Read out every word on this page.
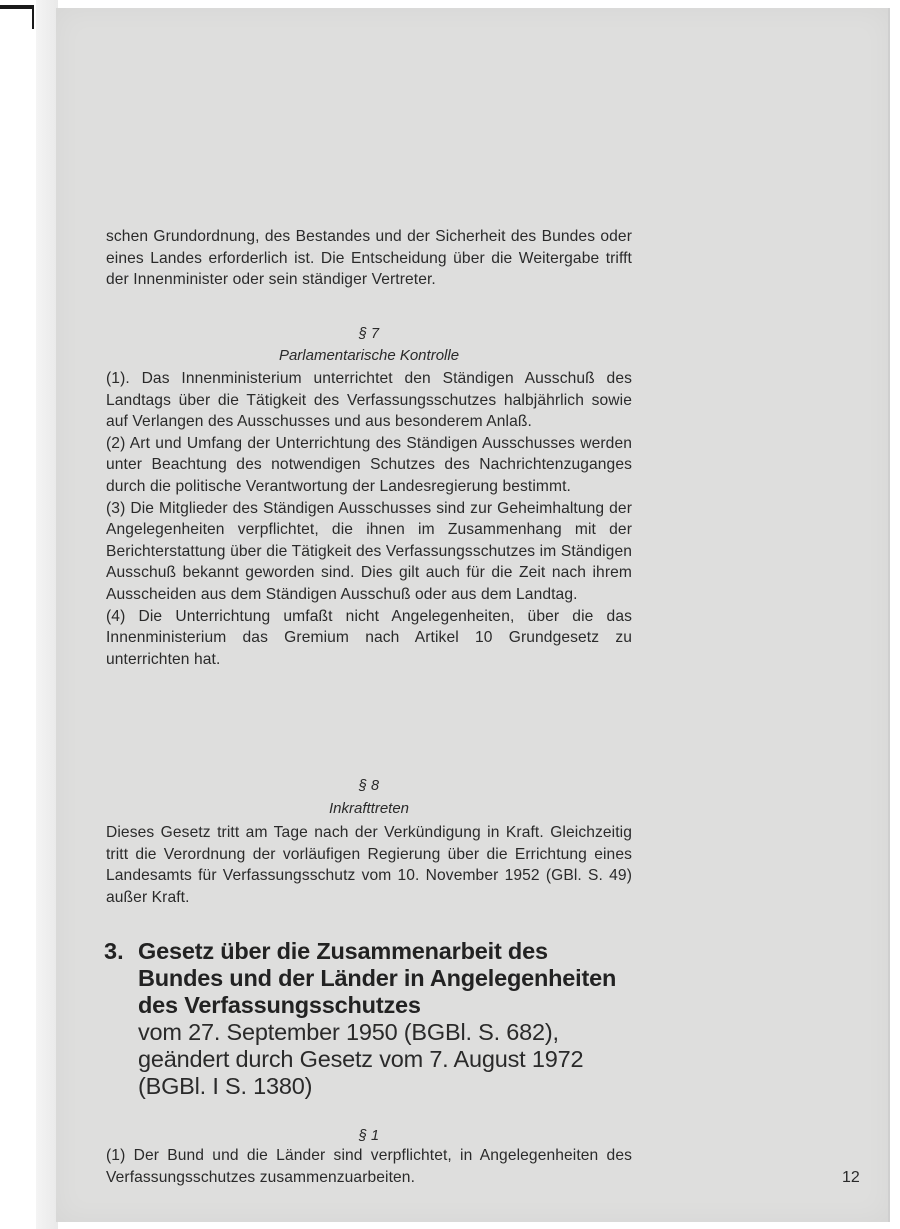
schen Grundordnung, des Bestandes und der Sicherheit des Bundes oder eines Landes erforderlich ist. Die Entscheidung über die Weitergabe trifft der Innenminister oder sein ständiger Vertreter.

§ 7

Parlamentarische Kontrolle

(1). Das Innenministerium unterrichtet den Ständigen Ausschuß des Landtags über die Tätigkeit des Verfassungsschutzes halbjährlich sowie auf Verlangen des Ausschusses und aus besonderem Anlaß.

(2) Art und Umfang der Unterrichtung des Ständigen Ausschusses werden unter Beachtung des notwendigen Schutzes des Nachrichtenzuganges durch die politische Verantwortung der Landesregierung bestimmt.

(3) Die Mitglieder des Ständigen Ausschusses sind zur Geheimhaltung der Angelegenheiten verpflichtet, die ihnen im Zusammenhang mit der Berichterstattung über die Tätigkeit des Verfassungsschutzes im Ständigen Ausschuß bekannt geworden sind. Dies gilt auch für die Zeit nach ihrem Ausscheiden aus dem Ständigen Ausschuß oder aus dem Landtag.

(4) Die Unterrichtung umfaßt nicht Angelegenheiten, über die das Innenministerium das Gremium nach Artikel 10 Grundgesetz zu unterrichten hat.

§ 8

Inkrafttreten

Dieses Gesetz tritt am Tage nach der Verkündigung in Kraft. Gleichzeitig tritt die Verordnung der vorläufigen Regierung über die Errichtung eines Landesamts für Verfassungsschutz vom 10. November 1952 (GBl. S. 49) außer Kraft.

3. Gesetz über die Zusammenarbeit des Bundes und der Länder in Angelegenheiten des Verfassungsschutzes
vom 27. September 1950 (BGBl. S. 682), geändert durch Gesetz vom 7. August 1972 (BGBl. I S. 1380)

§ 1

(1) Der Bund und die Länder sind verpflichtet, in Angelegenheiten des Verfassungsschutzes zusammenzuarbeiten.	12
